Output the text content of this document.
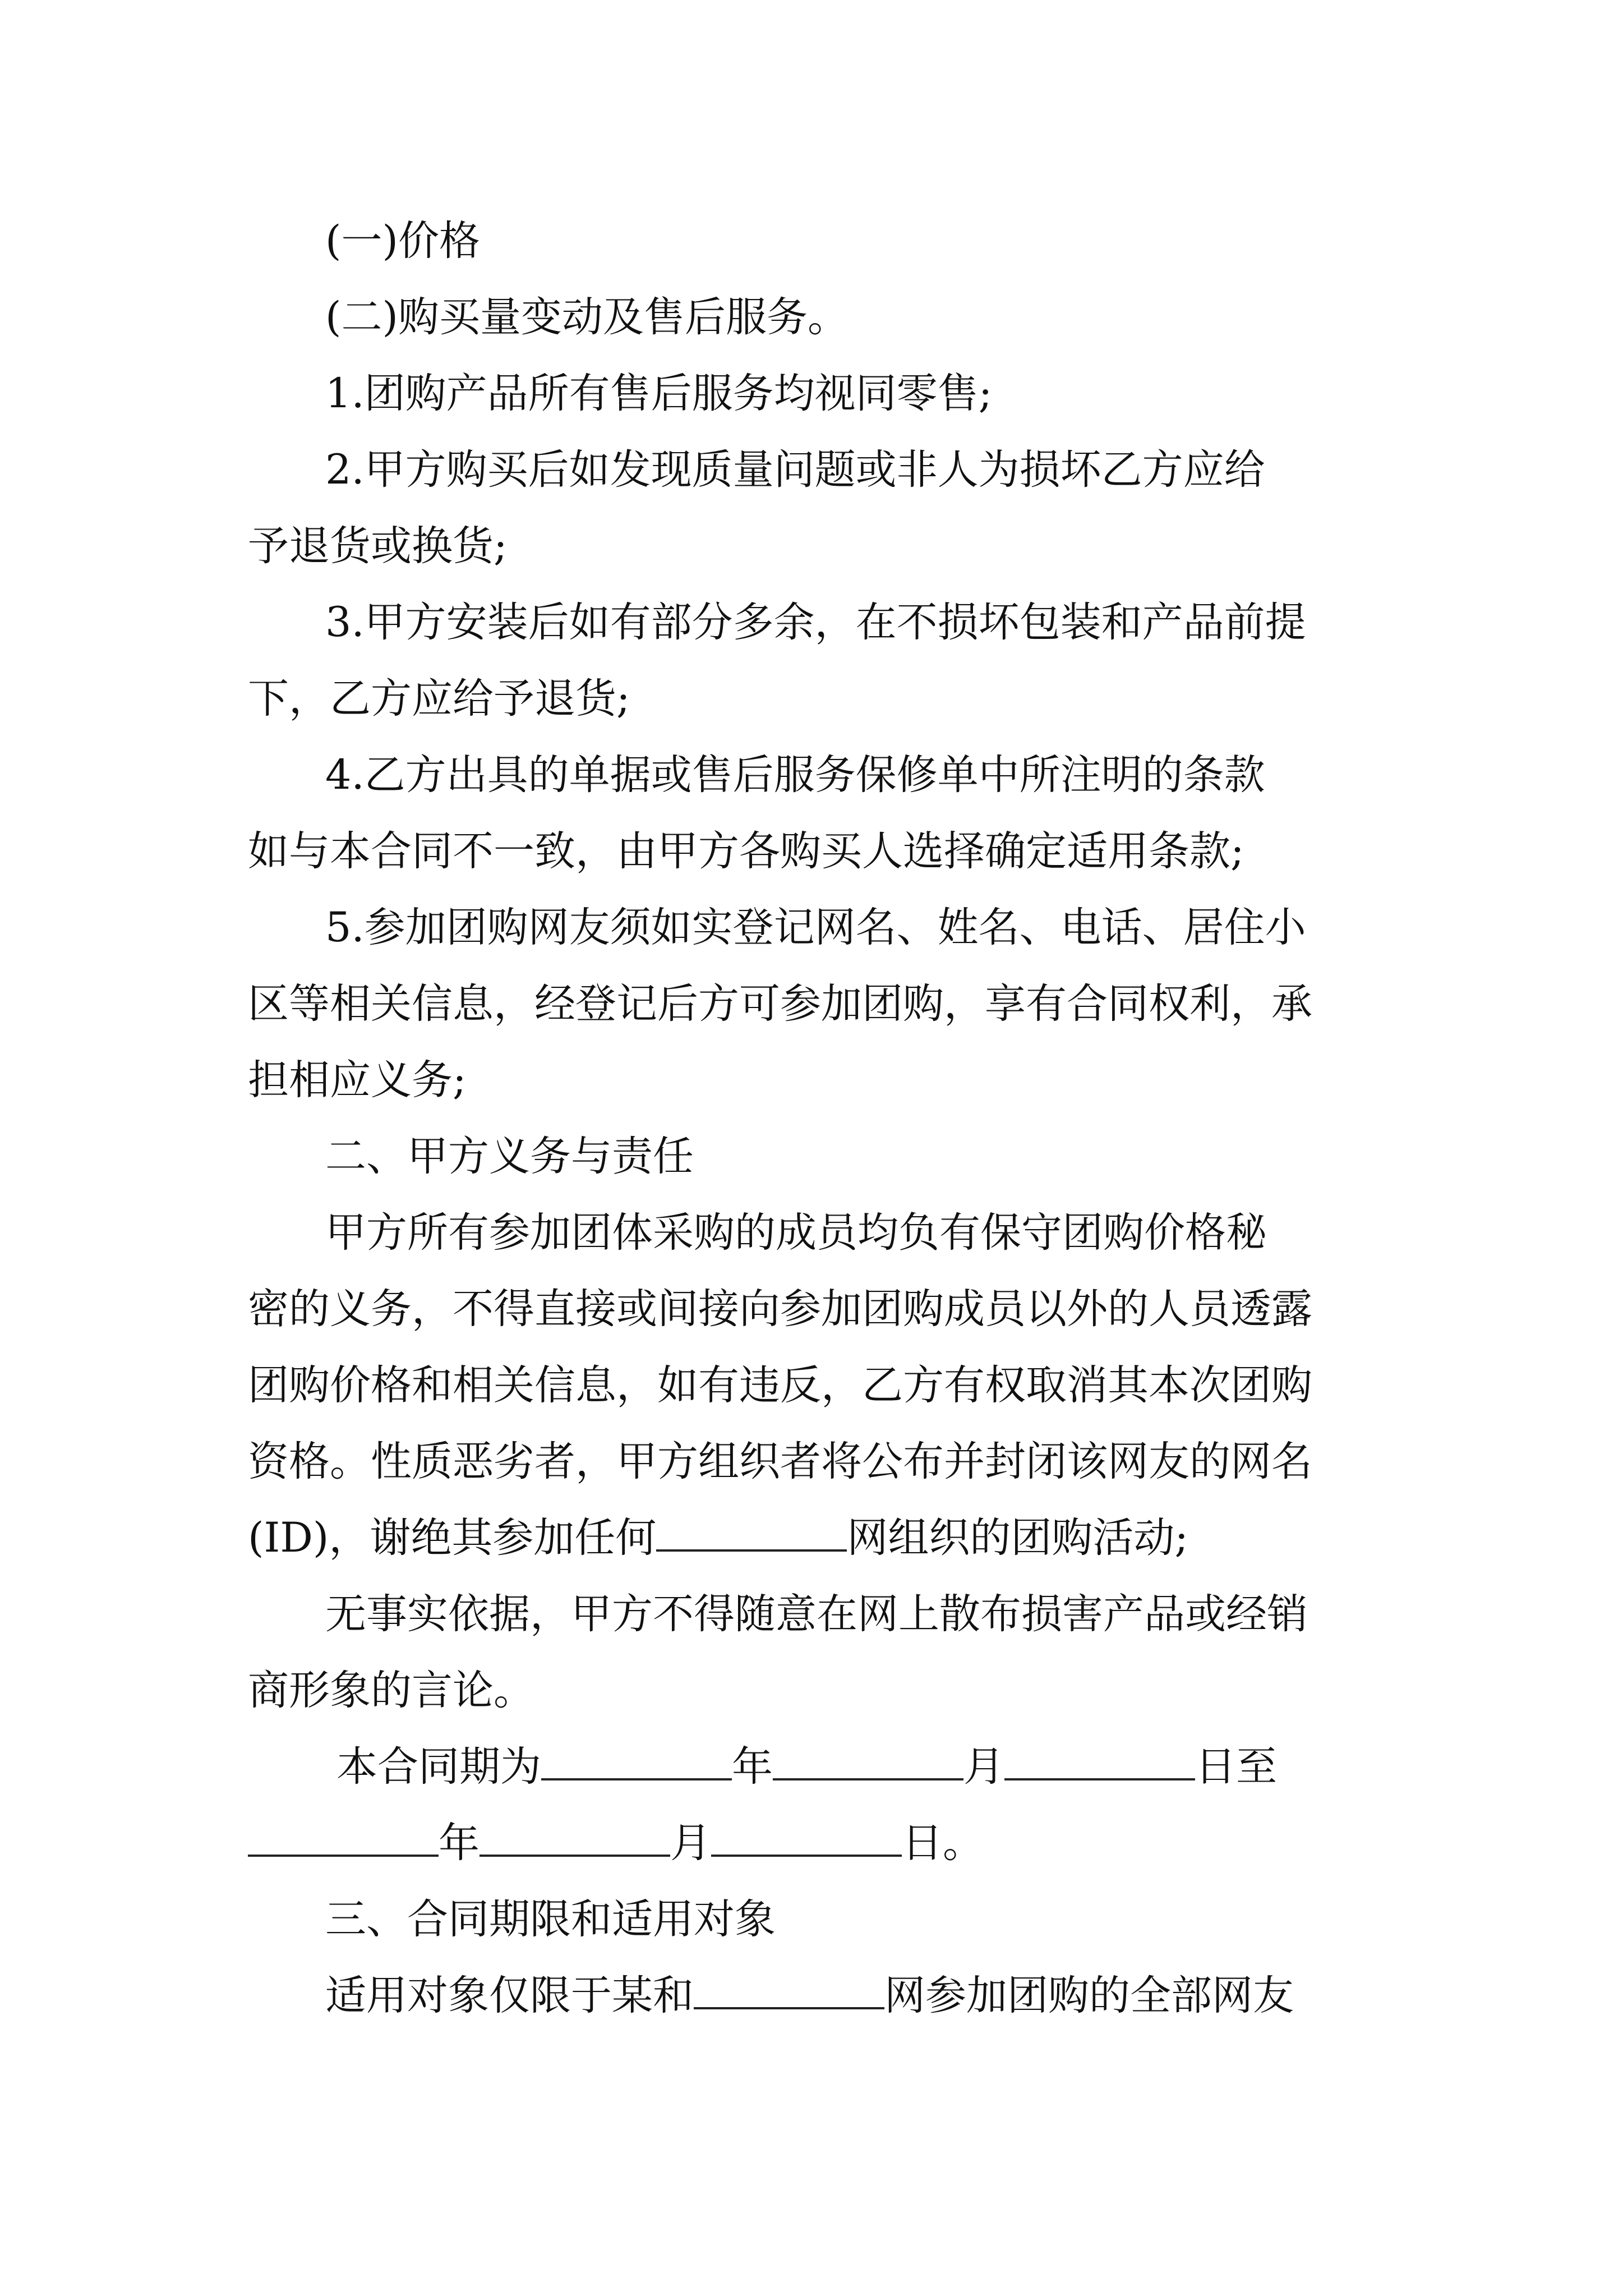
(一)价格
(二)购买量变动及售后服务。
1.团购产品所有售后服务均视同零售;
2.甲方购买后如发现质量问题或非人为损坏乙方应给
予退货或换货;
3.甲方安装后如有部分多余，在不损坏包装和产品前提
下，乙方应给予退货;
4.乙方出具的单据或售后服务保修单中所注明的条款
如与本合同不一致，由甲方各购买人选择确定适用条款;
5.参加团购网友须如实登记网名、姓名、电话、居住小
区等相关信息，经登记后方可参加团购，享有合同权利，承
担相应义务;
二、甲方义务与责任
甲方所有参加团体采购的成员均负有保守团购价格秘
密的义务，不得直接或间接向参加团购成员以外的人员透露
团购价格和相关信息，如有违反，乙方有权取消其本次团购
资格。性质恶劣者，甲方组织者将公布并封闭该网友的网名
(ID)，谢绝其参加任何	网组织的团购活动;
无事实依据，甲方不得随意在网上散布损害产品或经销
商形象的言论。
本合同期为	年	月	日至
年	月	日。
三、合同期限和适用对象
适用对象仅限于某和	网参加团购的全部网友
